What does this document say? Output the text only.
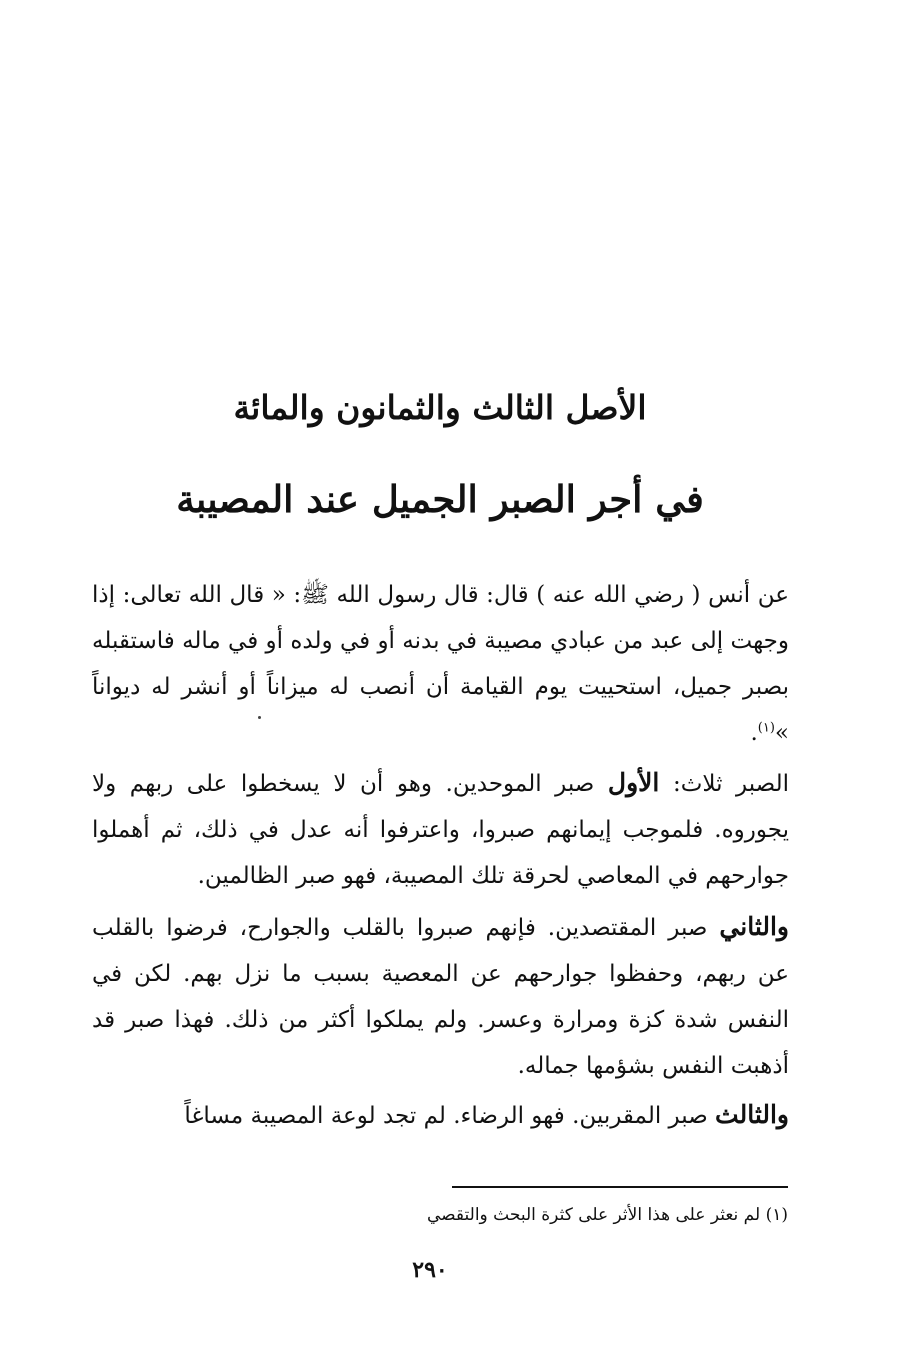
الأصل الثالث والثمانون والمائة
في أجر الصبر الجميل عند المصيبة

عن أنس ( رضي الله عنه ) قال: قال رسول الله ﷺ: « قال الله تعالى: إذا وجهت إلى عبد من عبادي مصيبة في بدنه أو في ولده أو في ماله فاستقبله بصبر جميل، استحييت يوم القيامة أن أنصب له ميزاناً أو أنشر له ديواناً »$^{(١)}$.

الصبر ثلاث: الأول صبر الموحدين. وهو أن لا يسخطوا على ربهم ولا يجوروه. فلموجب إيمانهم صبروا، واعترفوا أنه عدل في ذلك، ثم أهملوا جوارحهم في المعاصي لحرقة تلك المصيبة، فهو صبر الظالمين.

والثاني صبر المقتصدين. فإنهم صبروا بالقلب والجوارح، فرضوا بالقلب عن ربهم، وحفظوا جوارحهم عن المعصية بسبب ما نزل بهم. لكن في النفس شدة كزة ومرارة وعسر. ولم يملكوا أكثر من ذلك. فهذا صبر قد أذهبت النفس بشؤمها جماله.

والثالث صبر المقربين. فهو الرضاء. لم تجد لوعة المصيبة مساغاً

(١) لم نعثر على هذا الأثر على كثرة البحث والتقصي

٢٩٠
